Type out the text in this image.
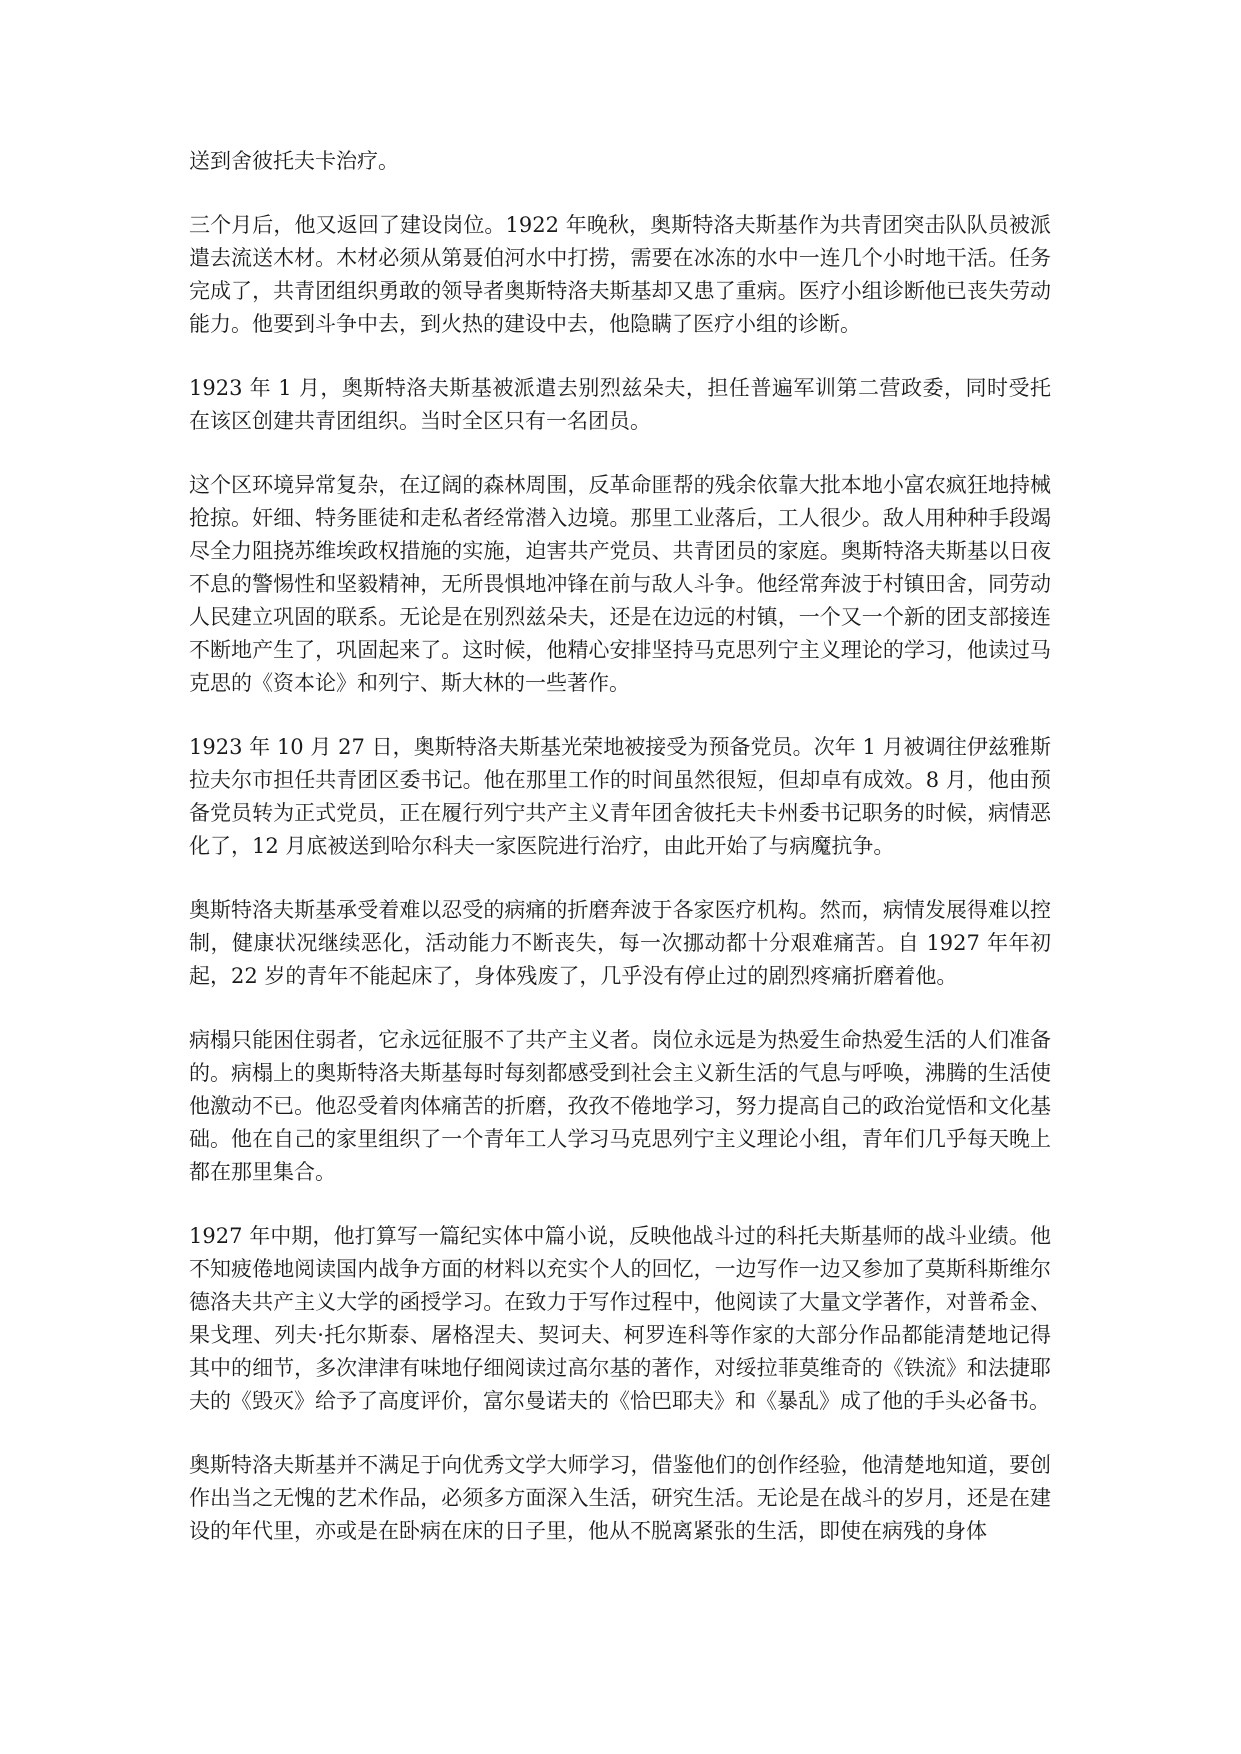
送到舍彼托夫卡治疗。

三个月后，他又返回了建设岗位。1922 年晚秋，奥斯特洛夫斯基作为共青团突击队队员被派遣去流送木材。木材必须从第聂伯河水中打捞，需要在冰冻的水中一连几个小时地干活。任务完成了，共青团组织勇敢的领导者奥斯特洛夫斯基却又患了重病。医疗小组诊断他已丧失劳动能力。他要到斗争中去，到火热的建设中去，他隐瞒了医疗小组的诊断。

1923 年 1 月，奥斯特洛夫斯基被派遣去别烈兹朵夫，担任普遍军训第二营政委，同时受托在该区创建共青团组织。当时全区只有一名团员。

这个区环境异常复杂，在辽阔的森林周围，反革命匪帮的残余依靠大批本地小富农疯狂地持械抢掠。奸细、特务匪徒和走私者经常潜入边境。那里工业落后，工人很少。敌人用种种手段竭尽全力阻挠苏维埃政权措施的实施，迫害共产党员、共青团员的家庭。奥斯特洛夫斯基以日夜不息的警惕性和坚毅精神，无所畏惧地冲锋在前与敌人斗争。他经常奔波于村镇田舍，同劳动人民建立巩固的联系。无论是在别烈兹朵夫，还是在边远的村镇，一个又一个新的团支部接连不断地产生了，巩固起来了。这时候，他精心安排坚持马克思列宁主义理论的学习，他读过马克思的《资本论》和列宁、斯大林的一些著作。

1923 年 10 月 27 日，奥斯特洛夫斯基光荣地被接受为预备党员。次年 1 月被调往伊兹雅斯拉夫尔市担任共青团区委书记。他在那里工作的时间虽然很短，但却卓有成效。8 月，他由预备党员转为正式党员，正在履行列宁共产主义青年团舍彼托夫卡州委书记职务的时候，病情恶化了，12 月底被送到哈尔科夫一家医院进行治疗，由此开始了与病魔抗争。

奥斯特洛夫斯基承受着难以忍受的病痛的折磨奔波于各家医疗机构。然而，病情发展得难以控制，健康状况继续恶化，活动能力不断丧失，每一次挪动都十分艰难痛苦。自 1927 年年初起，22 岁的青年不能起床了，身体残废了，几乎没有停止过的剧烈疼痛折磨着他。

病榻只能困住弱者，它永远征服不了共产主义者。岗位永远是为热爱生命热爱生活的人们准备的。病榻上的奥斯特洛夫斯基每时每刻都感受到社会主义新生活的气息与呼唤，沸腾的生活使他激动不已。他忍受着肉体痛苦的折磨，孜孜不倦地学习，努力提高自己的政治觉悟和文化基础。他在自己的家里组织了一个青年工人学习马克思列宁主义理论小组，青年们几乎每天晚上都在那里集合。

1927 年中期，他打算写一篇纪实体中篇小说，反映他战斗过的科托夫斯基师的战斗业绩。他不知疲倦地阅读国内战争方面的材料以充实个人的回忆，一边写作一边又参加了莫斯科斯维尔德洛夫共产主义大学的函授学习。在致力于写作过程中，他阅读了大量文学著作，对普希金、果戈理、列夫·托尔斯泰、屠格涅夫、契诃夫、柯罗连科等作家的大部分作品都能清楚地记得其中的细节，多次津津有味地仔细阅读过高尔基的著作，对绥拉菲莫维奇的《铁流》和法捷耶夫的《毁灭》给予了高度评价，富尔曼诺夫的《恰巴耶夫》和《暴乱》成了他的手头必备书。

奥斯特洛夫斯基并不满足于向优秀文学大师学习，借鉴他们的创作经验，他清楚地知道，要创作出当之无愧的艺术作品，必须多方面深入生活，研究生活。无论是在战斗的岁月，还是在建设的年代里，亦或是在卧病在床的日子里，他从不脱离紧张的生活，即使在病残的身体
